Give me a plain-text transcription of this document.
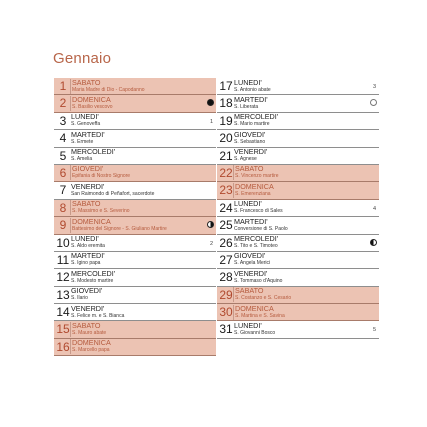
Gennaio
1 SABATO
Maria Madre di Dio - Capodanno
2 DOMENICA
S. Basilio vescovo
3 LUNEDI'
S. Genoveffa	1
4 MARTEDI'
S. Ermete
5 MERCOLEDI'
S. Amelia
6 GIOVEDI'
Epifania di Nostro Signore
7 VENERDI'
San Raimondo di Peñafort, sacerdote
8 SABATO
S. Massimo e S. Severino
9 DOMENICA
Battesimo del Signore - S. Giuliano Martire
10 LUNEDI'
S. Aldo eremita	2
11 MARTEDI'
S. Igino papa
12 MERCOLEDI'
S. Modesto martire
13 GIOVEDI'
S. Ilario
14 VENERDI'
S. Felice m. e S. Bianca
15 SABATO
S. Mauro abate
16 DOMENICA
S. Marcello papa
17 LUNEDI'
S. Antonio abate	3
18 MARTEDI'
S. Liberata
19 MERCOLEDI'
S. Mario martire
20 GIOVEDI'
S. Sebastiano
21 VENERDI'
S. Agnese
22 SABATO
S. Vincenzo martire
23 DOMENICA
S. Emerenziana
24 LUNEDI'
S. Francesco di Sales	4
25 MARTEDI'
Conversione di S. Paolo
26 MERCOLEDI'
S. Tito e S. Timoteo
27 GIOVEDI'
S. Angela Merici
28 VENERDI'
S. Tommaso d'Aquino
29 SABATO
S. Costanzo e S. Cesario
30 DOMENICA
S. Martina e S. Savina
31 LUNEDI'
S. Giovanni Bosco	5
